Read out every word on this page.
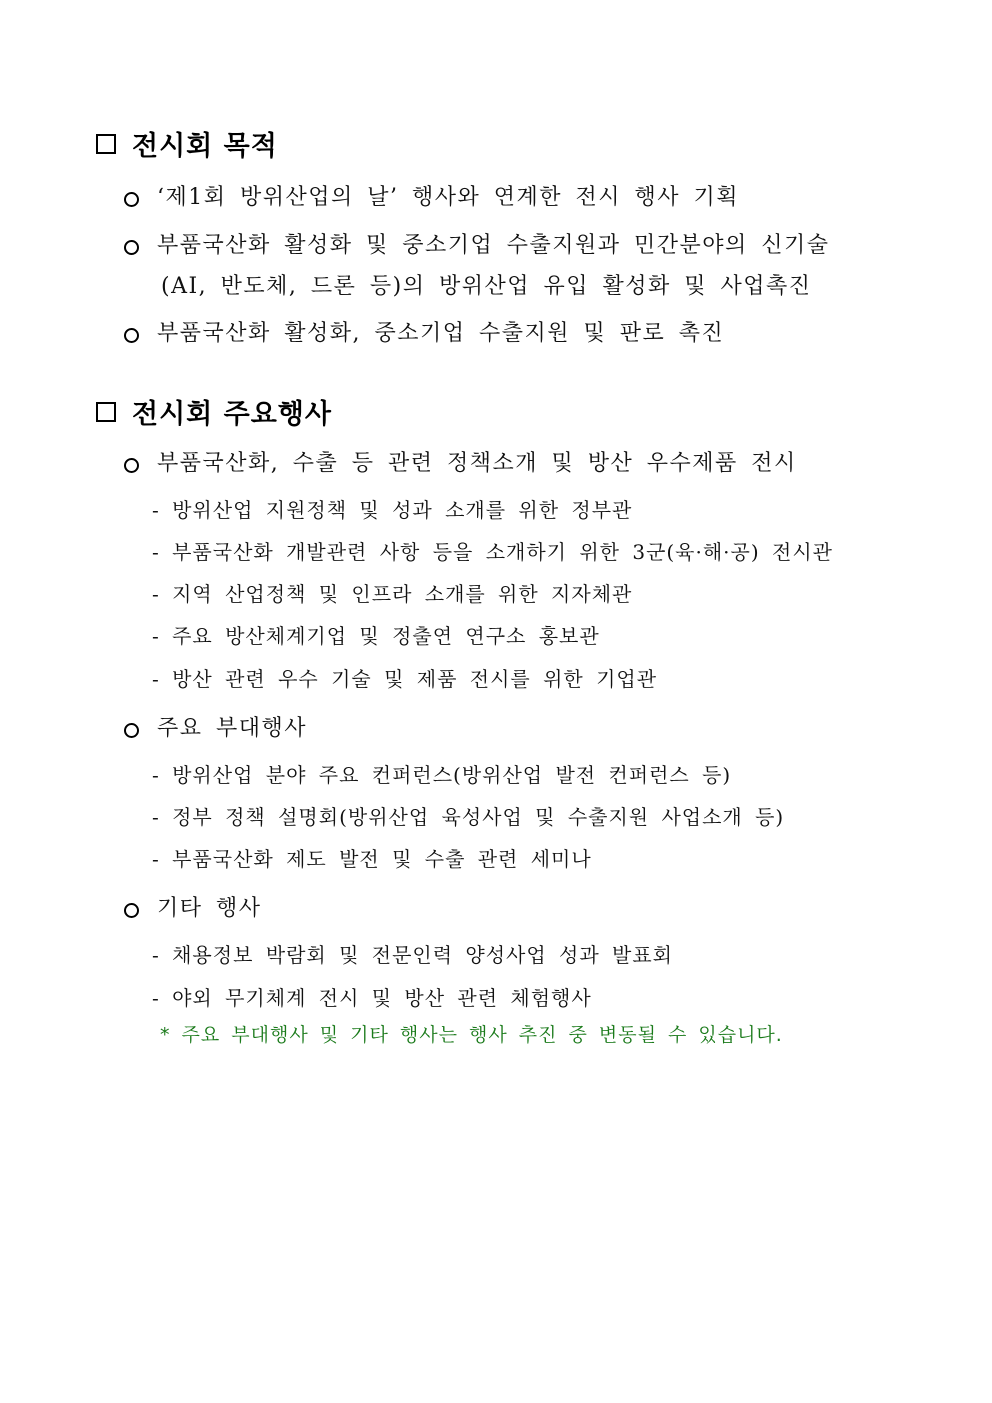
전시회 목적
‘제1회 방위산업의 날’ 행사와 연계한 전시 행사 기획
부품국산화 활성화 및 중소기업 수출지원과 민간분야의 신기술
(AI, 반도체, 드론 등)의 방위산업 유입 활성화 및 사업촉진
부품국산화 활성화, 중소기업 수출지원 및 판로 촉진
전시회 주요행사
부품국산화, 수출 등 관련 정책소개 및 방산 우수제품 전시
- 방위산업 지원정책 및 성과 소개를 위한 정부관
- 부품국산화 개발관련 사항 등을 소개하기 위한 3군(육·해·공) 전시관
- 지역 산업정책 및 인프라 소개를 위한 지자체관
- 주요 방산체계기업 및 정출연 연구소 홍보관
- 방산 관련 우수 기술 및 제품 전시를 위한 기업관
주요 부대행사
- 방위산업 분야 주요 컨퍼런스(방위산업 발전 컨퍼런스 등)
- 정부 정책 설명회(방위산업 육성사업 및 수출지원 사업소개 등)
- 부품국산화 제도 발전 및 수출 관련 세미나
기타 행사
- 채용정보 박람회 및 전문인력 양성사업 성과 발표회
- 야외 무기체계 전시 및 방산 관련 체험행사
* 주요 부대행사 및 기타 행사는 행사 추진 중 변동될 수 있습니다.
